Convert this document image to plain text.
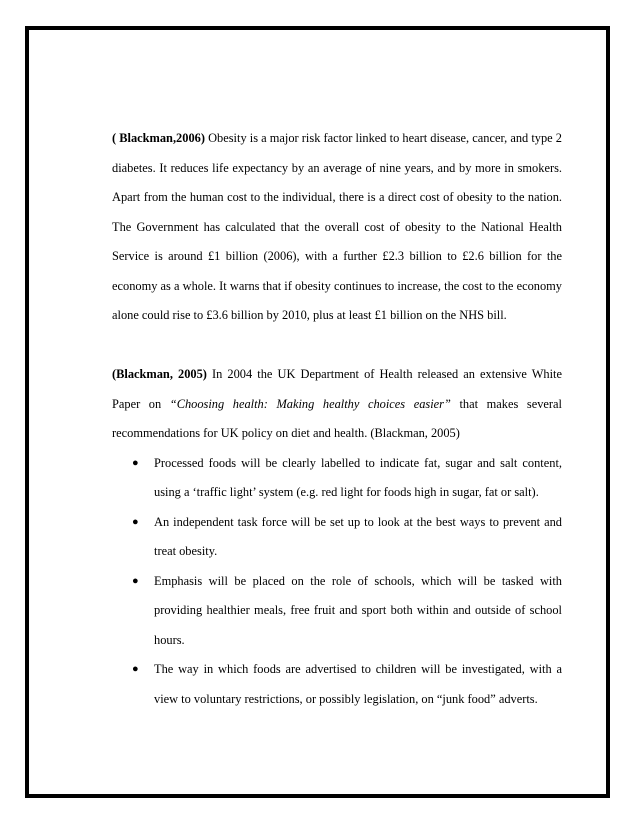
( Blackman,2006) Obesity is a major risk factor linked to heart disease, cancer, and type 2 diabetes. It reduces life expectancy by an average of nine years, and by more in smokers. Apart from the human cost to the individual, there is a direct cost of obesity to the nation. The Government has calculated that the overall cost of obesity to the National Health Service is around £1 billion (2006), with a further £2.3 billion to £2.6 billion for the economy as a whole. It warns that if obesity continues to increase, the cost to the economy alone could rise to £3.6 billion by 2010, plus at least £1 billion on the NHS bill.

(Blackman, 2005) In 2004 the UK Department of Health released an extensive White Paper on “Choosing health: Making healthy choices easier” that makes several recommendations for UK policy on diet and health. (Blackman, 2005)

● Processed foods will be clearly labelled to indicate fat, sugar and salt content, using a ‘traffic light’ system (e.g. red light for foods high in sugar, fat or salt).
● An independent task force will be set up to look at the best ways to prevent and treat obesity.
● Emphasis will be placed on the role of schools, which will be tasked with providing healthier meals, free fruit and sport both within and outside of school hours.
● The way in which foods are advertised to children will be investigated, with a view to voluntary restrictions, or possibly legislation, on “junk food” adverts.
